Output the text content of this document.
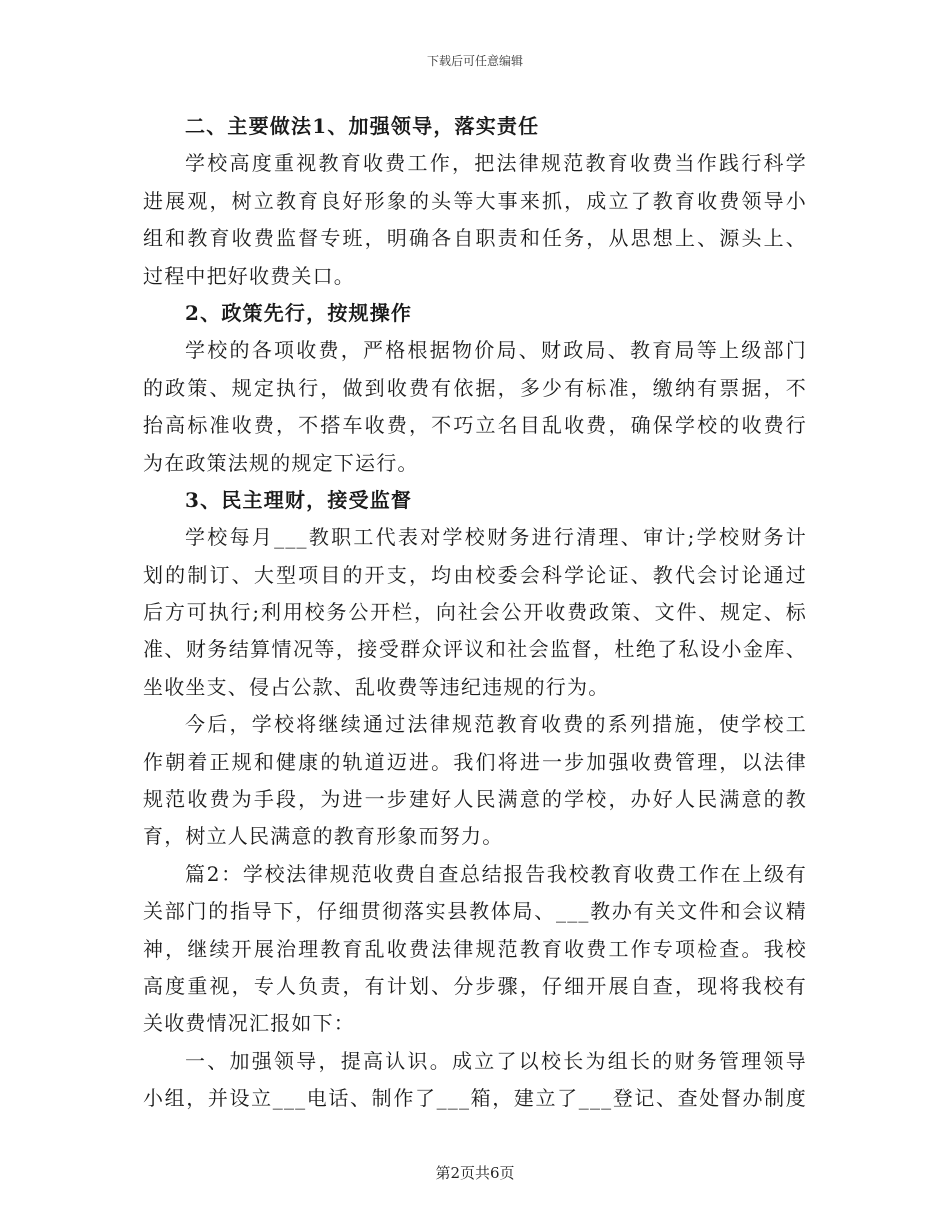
下载后可任意编辑
二、主要做法1、加强领导，落实责任
学校高度重视教育收费工作，把法律规范教育收费当作践行科学
进展观，树立教育良好形象的头等大事来抓，成立了教育收费领导小
组和教育收费监督专班，明确各自职责和任务，从思想上、源头上、
过程中把好收费关口。
2、政策先行，按规操作
学校的各项收费，严格根据物价局、财政局、教育局等上级部门
的政策、规定执行，做到收费有依据，多少有标准，缴纳有票据，不
抬高标准收费，不搭车收费，不巧立名目乱收费，确保学校的收费行
为在政策法规的规定下运行。
3、民主理财，接受监督
学校每月___教职工代表对学校财务进行清理、审计;学校财务计
划的制订、大型项目的开支，均由校委会科学论证、教代会讨论通过
后方可执行;利用校务公开栏，向社会公开收费政策、文件、规定、标
准、财务结算情况等，接受群众评议和社会监督，杜绝了私设小金库、
坐收坐支、侵占公款、乱收费等违纪违规的行为。
今后，学校将继续通过法律规范教育收费的系列措施，使学校工
作朝着正规和健康的轨道迈进。我们将进一步加强收费管理，以法律
规范收费为手段，为进一步建好人民满意的学校，办好人民满意的教
育，树立人民满意的教育形象而努力。
篇2：学校法律规范收费自查总结报告我校教育收费工作在上级有
关部门的指导下，仔细贯彻落实县教体局、___教办有关文件和会议精
神，继续开展治理教育乱收费法律规范教育收费工作专项检查。我校
高度重视，专人负责，有计划、分步骤，仔细开展自查，现将我校有
关收费情况汇报如下：
一、加强领导，提高认识。成立了以校长为组长的财务管理领导
小组，并设立___电话、制作了___箱，建立了___登记、查处督办制度
第2页共6页
